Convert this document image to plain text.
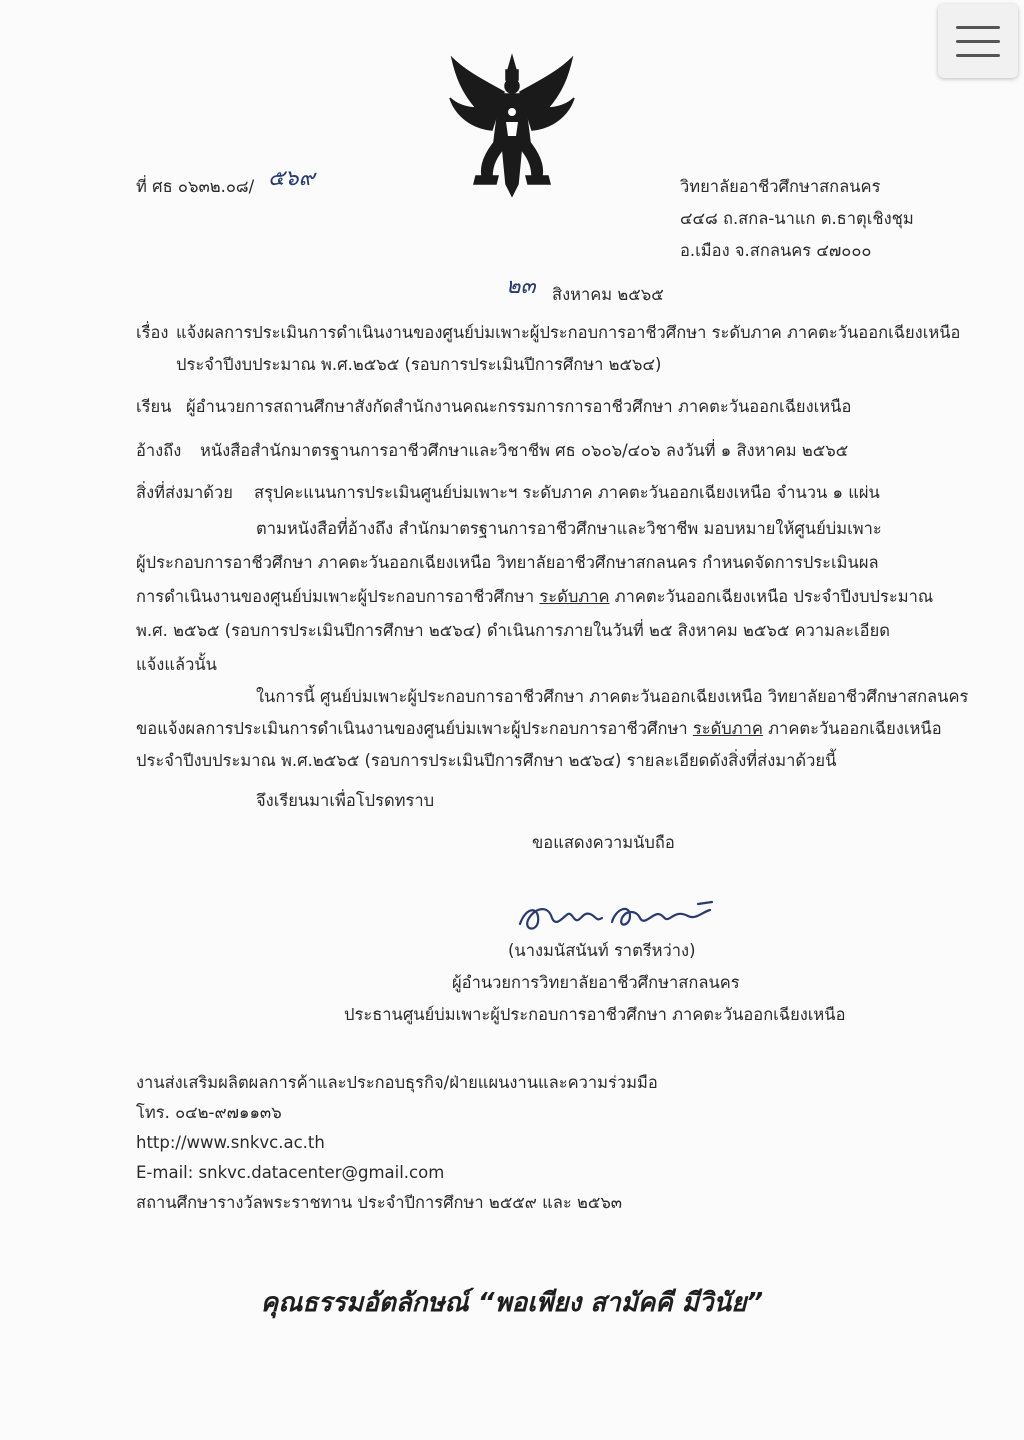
ที่ ศธ ๐๖๓๒.๐๘/ ๕๖๙	วิทยาลัยอาชีวศึกษาสกลนคร
๔๔๘ ถ.สกล-นาแก ต.ธาตุเชิงชุม
อ.เมือง จ.สกลนคร ๔๗๐๐๐
๒๓ สิงหาคม ๒๕๖๕
เรื่อง แจ้งผลการประเมินการดำเนินงานของศูนย์บ่มเพาะผู้ประกอบการอาชีวศึกษา ระดับภาค ภาคตะวันออกเฉียงเหนือ
ประจำปีงบประมาณ พ.ศ.๒๕๖๕ (รอบการประเมินปีการศึกษา ๒๕๖๔)
เรียน ผู้อำนวยการสถานศึกษาสังกัดสำนักงานคณะกรรมการการอาชีวศึกษา ภาคตะวันออกเฉียงเหนือ
อ้างถึง หนังสือสำนักมาตรฐานการอาชีวศึกษาและวิชาชีพ ศธ ๐๖๐๖/๔๐๖ ลงวันที่ ๑ สิงหาคม ๒๕๖๕
สิ่งที่ส่งมาด้วย สรุปคะแนนการประเมินศูนย์บ่มเพาะฯ ระดับภาค ภาคตะวันออกเฉียงเหนือ จำนวน ๑ แผ่น
ตามหนังสือที่อ้างถึง สำนักมาตรฐานการอาชีวศึกษาและวิชาชีพ มอบหมายให้ศูนย์บ่มเพาะ
ผู้ประกอบการอาชีวศึกษา ภาคตะวันออกเฉียงเหนือ วิทยาลัยอาชีวศึกษาสกลนคร กำหนดจัดการประเมินผล
การดำเนินงานของศูนย์บ่มเพาะผู้ประกอบการอาชีวศึกษา ระดับภาค ภาคตะวันออกเฉียงเหนือ ประจำปีงบประมาณ
พ.ศ. ๒๕๖๕ (รอบการประเมินปีการศึกษา ๒๕๖๔) ดำเนินการภายในวันที่ ๒๕ สิงหาคม ๒๕๖๕ ความละเอียด
แจ้งแล้วนั้น
ในการนี้ ศูนย์บ่มเพาะผู้ประกอบการอาชีวศึกษา ภาคตะวันออกเฉียงเหนือ วิทยาลัยอาชีวศึกษาสกลนคร
ขอแจ้งผลการประเมินการดำเนินงานของศูนย์บ่มเพาะผู้ประกอบการอาชีวศึกษา ระดับภาค ภาคตะวันออกเฉียงเหนือ
ประจำปีงบประมาณ พ.ศ.๒๕๖๕ (รอบการประเมินปีการศึกษา ๒๕๖๔) รายละเอียดดังสิ่งที่ส่งมาด้วยนี้
จึงเรียนมาเพื่อโปรดทราบ
ขอแสดงความนับถือ
(นางมนัสนันท์ ราตรีหว่าง)
ผู้อำนวยการวิทยาลัยอาชีวศึกษาสกลนคร
ประธานศูนย์บ่มเพาะผู้ประกอบการอาชีวศึกษา ภาคตะวันออกเฉียงเหนือ
งานส่งเสริมผลิตผลการค้าและประกอบธุรกิจ/ฝ่ายแผนงานและความร่วมมือ
โทร. ๐๔๒-๙๗๑๑๓๖
http://www.snkvc.ac.th
E-mail: snkvc.datacenter@gmail.com
สถานศึกษารางวัลพระราชทาน ประจำปีการศึกษา ๒๕๕๙ และ ๒๕๖๓
คุณธรรมอัตลักษณ์ “พอเพียง สามัคคี มีวินัย”
